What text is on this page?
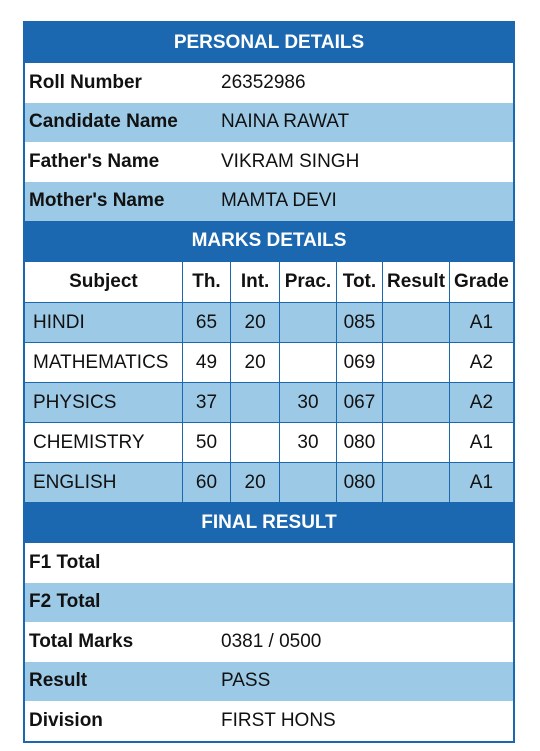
PERSONAL DETAILS
Roll Number	26352986
Candidate Name	NAINA RAWAT
Father's Name	VIKRAM SINGH
Mother's Name	MAMTA DEVI
MARKS DETAILS
Subject	Th.	Int.	Prac.	Tot.	Result	Grade
HINDI	65	20		085		A1
MATHEMATICS	49	20		069		A2
PHYSICS	37		30	067		A2
CHEMISTRY	50		30	080		A1
ENGLISH	60	20		080		A1
FINAL RESULT
F1 Total
F2 Total
Total Marks	0381 / 0500
Result	PASS
Division	FIRST HONS
